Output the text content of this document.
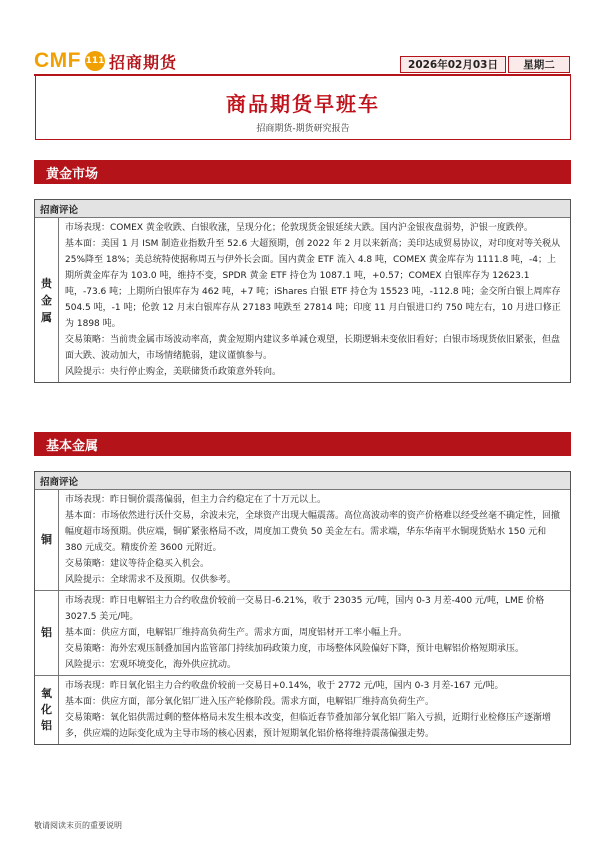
CMF 111 招商期货	2026年02月03日	星期二
商品期货早班车
招商期货-期货研究报告
黄金市场
招商评论
贵金属

市场表现：COMEX 黄金收跌、白银收涨，呈现分化；伦敦现货金银延续大跌。国内沪金银夜盘弱势，沪银一度跌停。

基本面：美国 1 月 ISM 制造业指数升至 52.6 大超预期，创 2022 年 2 月以来新高；美印达成贸易协议，对印度对等关税从 25%降至 18%；美总统特使据称周五与伊外长会面。国内黄金 ETF 流入 4.8 吨，COMEX 黄金库存为 1111.8 吨，-4；上期所黄金库存为 103.0 吨，维持不变，SPDR 黄金 ETF 持仓为 1087.1 吨，+0.57；COMEX 白银库存为 12623.1 吨，-73.6 吨；上期所白银库存为 462 吨，+7 吨；iShares 白银 ETF 持仓为 15523 吨，-112.8 吨；金交所白银上周库存 504.5 吨，-1 吨；伦敦 12 月末白银库存从 27183 吨跌至 27814 吨；印度 11 月白银进口约 750 吨左右，10 月进口修正为 1898 吨。

交易策略：当前贵金属市场波动率高，黄金短期内建议多单减仓观望，长期逻辑未变依旧看好；白银市场现货依旧紧张，但盘面大跌、波动加大，市场情绪脆弱，建议谨慎参与。

风险提示：央行停止购金，美联储货币政策意外转向。

基本金属
招商评论
铜

市场表现：昨日铜价震荡偏弱，但主力合约稳定在了十万元以上。

基本面：市场依然进行沃什交易，余波未完，全球资产出现大幅震荡。高位高波动率的资产价格难以经受丝毫不确定性，回撤幅度超市场预期。供应端，铜矿紧张格局不改，周度加工费负 50 美金左右。需求端，华东华南平水铜现货贴水 150 元和 380 元成交。精废价差 3600 元附近。

交易策略：建议等待企稳买入机会。

风险提示：全球需求不及预期。仅供参考。

铝

市场表现：昨日电解铝主力合约收盘价较前一交易日-6.21%，收于 23035 元/吨，国内 0-3 月差-400 元/吨，LME 价格 3027.5 美元/吨。

基本面：供应方面，电解铝厂维持高负荷生产。需求方面，周度铝材开工率小幅上升。

交易策略：海外宏观压制叠加国内监管部门持续加码政策力度，市场整体风险偏好下降，预计电解铝价格短期承压。

风险提示：宏观环境变化，海外供应扰动。

氧化铝

市场表现：昨日氧化铝主力合约收盘价较前一交易日+0.14%，收于 2772 元/吨，国内 0-3 月差-167 元/吨。

基本面：供应方面，部分氧化铝厂进入压产轮修阶段。需求方面，电解铝厂维持高负荷生产。

交易策略：氧化铝供需过剩的整体格局未发生根本改变，但临近春节叠加部分氧化铝厂陷入亏损，近期行业检修压产逐渐增多，供应端的边际变化成为主导市场的核心因素，预计短期氧化铝价格将维持震荡偏强走势。

敬请阅读末页的重要说明
